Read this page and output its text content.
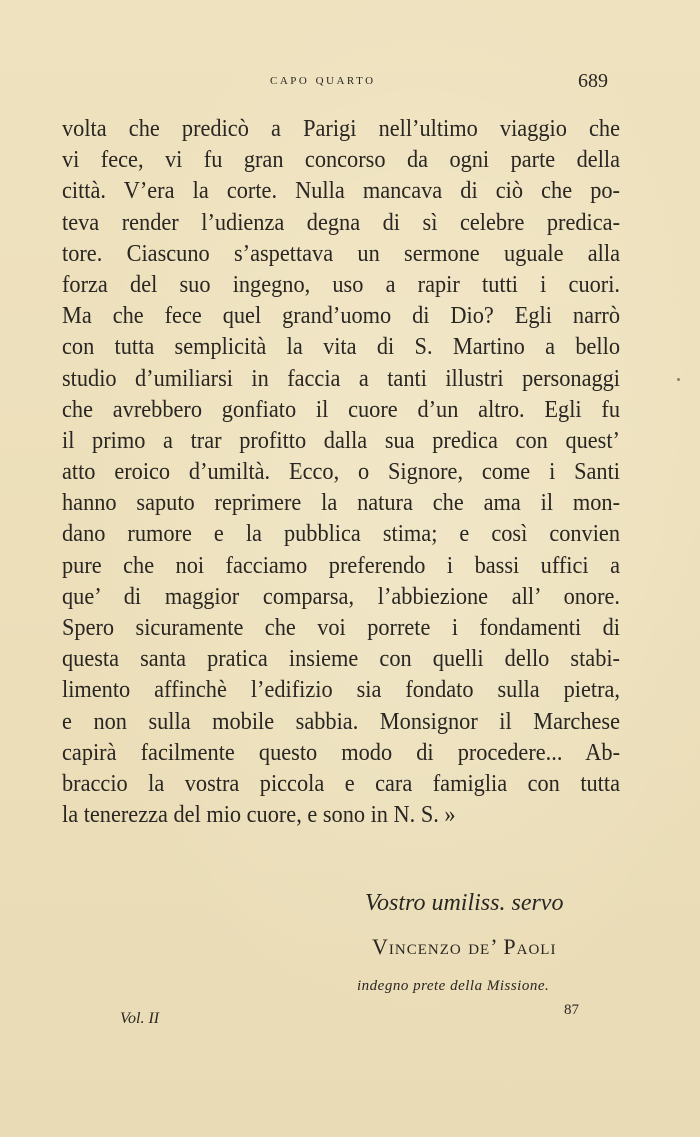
capo quarto	689
volta che predicò a Parigi nell’ultimo viaggio che
vi fece, vi fu gran concorso da ogni parte della
città. V’era la corte. Nulla mancava di ciò che po-
teva render l’udienza degna di sì celebre predica-
tore. Ciascuno s’aspettava un sermone uguale alla
forza del suo ingegno, uso a rapir tutti i cuori.
Ma che fece quel grand’uomo di Dio? Egli narrò
con tutta semplicità la vita di S. Martino a bello
studio d’umiliarsi in faccia a tanti illustri personaggi
che avrebbero gonfiato il cuore d’un altro. Egli fu
il primo a trar profitto dalla sua predica con quest’
atto eroico d’umiltà. Ecco, o Signore, come i Santi
hanno saputo reprimere la natura che ama il mon-
dano rumore e la pubblica stima; e così convien
pure che noi facciamo preferendo i bassi uffici a
que’ di maggior comparsa, l’abbiezione all’ onore.
Spero sicuramente che voi porrete i fondamenti di
questa santa pratica insieme con quelli dello stabi-
limento affinchè l’edifizio sia fondato sulla pietra,
e non sulla mobile sabbia. Monsignor il Marchese
capirà facilmente questo modo di procedere... Ab-
braccio la vostra piccola e cara famiglia con tutta
la tenerezza del mio cuore, e sono in N. S. »
Vostro umiliss. servo
Vincenzo de’ Paoli
indegno prete della Missione.
Vol. II	87
